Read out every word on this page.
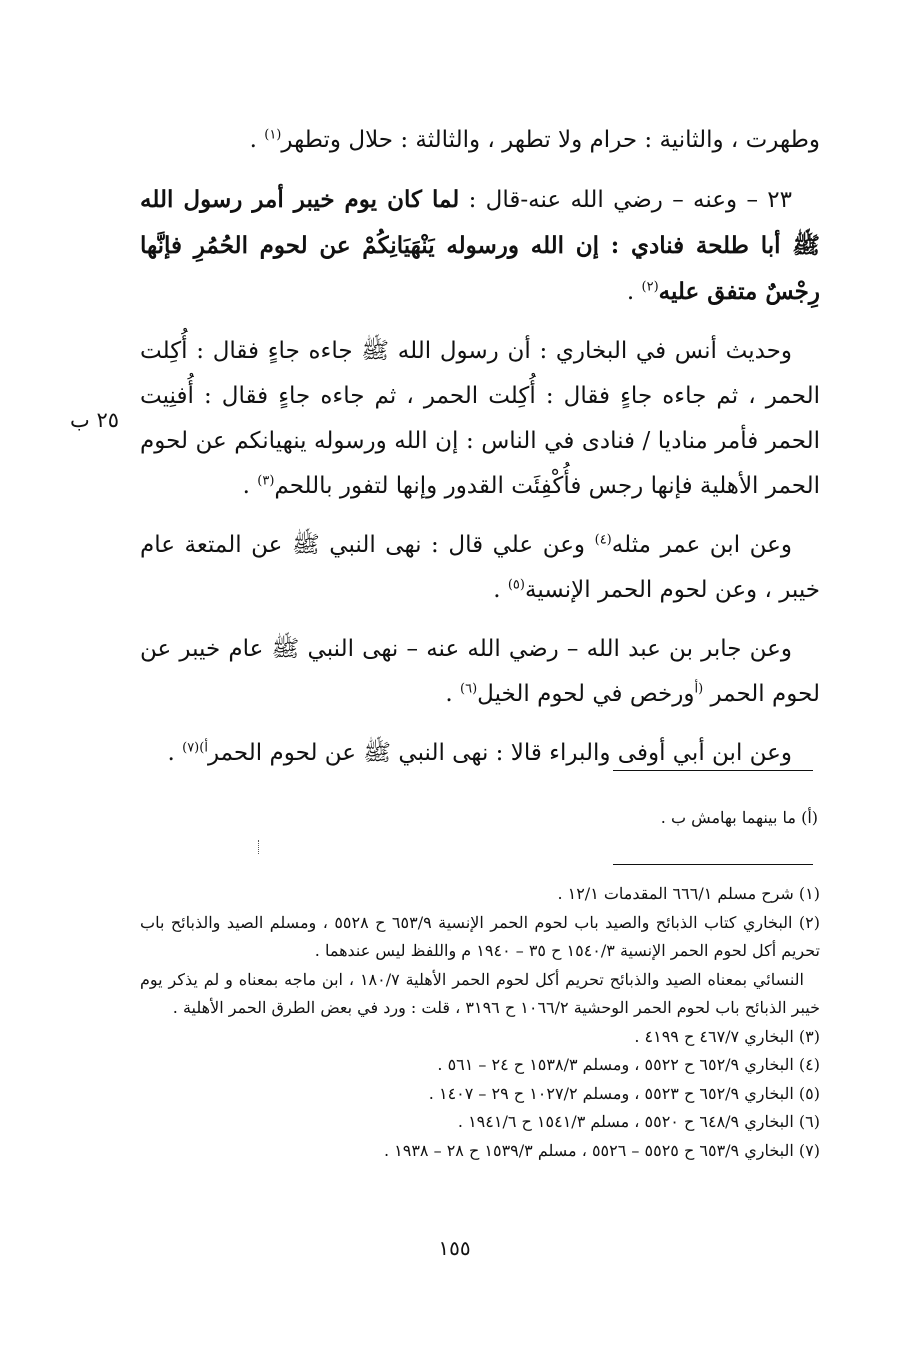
وطهرت ، والثانية : حرام ولا تطهر ، والثالثة : حلال وتطهر$^{(١)}$ .

٢٣ – وعنه – رضي الله عنه-قال : لما كان يوم خيبر أمر رسول الله ﷺ أبا طلحة فنادي : إن الله ورسوله يَنْهَيَانِكُمْ عن لحوم الحُمُرِ فإنَّها رِجْسٌ متفق عليه$^{(٢)}$ .

وحديث أنس في البخاري : أن رسول الله ﷺ جاءه جاءٍ فقال : أُكِلت الحمر ، ثم جاءه جاءٍ فقال : أُكِلت الحمر ، ثم جاءه جاءٍ فقال : أُفنِيت الحمر فأمر مناديا / فنادى في الناس : إن الله ورسوله ينهيانكم عن لحوم الحمر الأهلية فإنها رجس فأُكْفِئَت القدور وإنها لتفور باللحم$^{(٣)}$ .

وعن ابن عمر مثله$^{(٤)}$ وعن علي قال : نهى النبي ﷺ عن المتعة عام خيبر ، وعن لحوم الحمر الإنسية$^{(٥)}$ .

وعن جابر بن عبد الله – رضي الله عنه – نهى النبي ﷺ عام خيبر عن لحوم الحمر $^{(أ}$ورخص في لحوم الخيل$^{(٦)}$ .

وعن ابن أبي أوفى والبراء قالا : نهى النبي ﷺ عن لحوم الحمر$^{أ)(٧)}$ .

٢٥ ب
(أ) ما بينهما بهامش ب .

(١) شرح مسلم ٦٦٦/١ المقدمات ١٢/١ .

(٢) البخاري كتاب الذبائح والصيد باب لحوم الحمر الإنسية ٦٥٣/٩ ح ٥٥٢٨ ، ومسلم الصيد والذبائح باب تحريم أكل لحوم الحمر الإنسية ١٥٤٠/٣ ح ٣٥ – ١٩٤٠ م واللفظ ليس عندهما .

النسائي بمعناه الصيد والذبائح تحريم أكل لحوم الحمر الأهلية ١٨٠/٧ ، ابن ماجه بمعناه و لم يذكر يوم خيبر الذبائح باب لحوم الحمر الوحشية ١٠٦٦/٢ ح ٣١٩٦ ، قلت : ورد في بعض الطرق الحمر الأهلية .

(٣) البخاري ٤٦٧/٧ ح ٤١٩٩ .

(٤) البخاري ٦٥٢/٩ ح ٥٥٢٢ ، ومسلم ١٥٣٨/٣ ح ٢٤ – ٥٦١ .

(٥) البخاري ٦٥٢/٩ ح ٥٥٢٣ ، ومسلم ١٠٢٧/٢ ح ٢٩ – ١٤٠٧ .

(٦) البخاري ٦٤٨/٩ ح ٥٥٢٠ ، مسلم ١٥٤١/٣ ح ١٩٤١/٦ .

(٧) البخاري ٦٥٣/٩ ح ٥٥٢٥ – ٥٥٢٦ ، مسلم ١٥٣٩/٣ ح ٢٨ – ١٩٣٨ .

١٥٥
